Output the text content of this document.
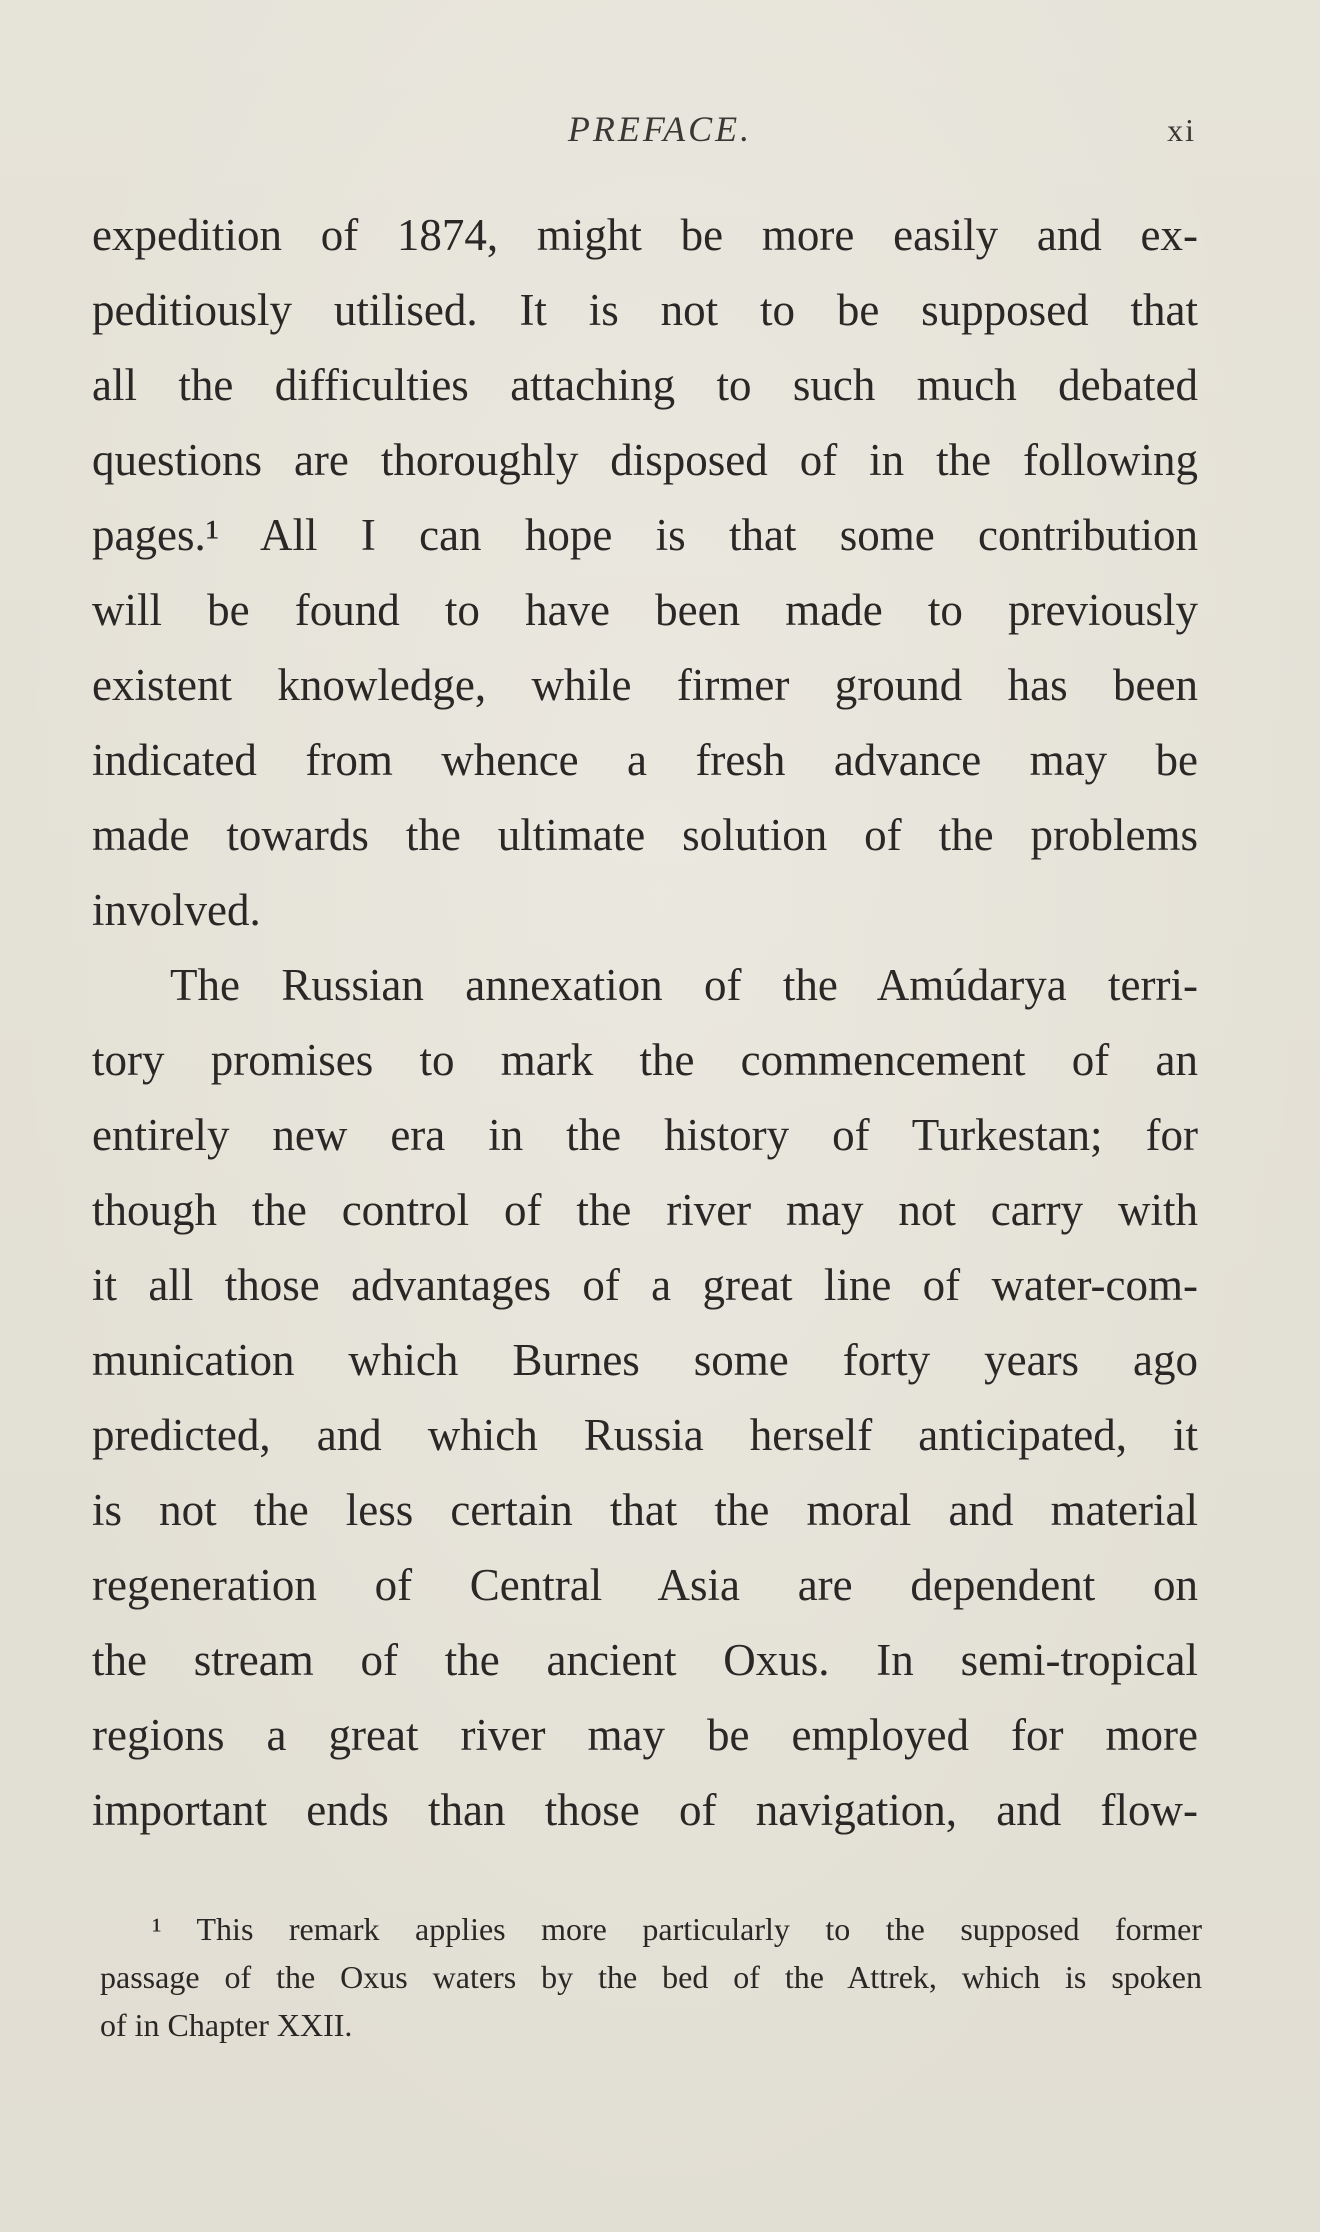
PREFACE.	xi
expedition of 1874, might be more easily and ex-
peditiously utilised. It is not to be supposed that
all the difficulties attaching to such much debated
questions are thoroughly disposed of in the following
pages.¹ All I can hope is that some contribution
will be found to have been made to previously
existent knowledge, while firmer ground has been
indicated from whence a fresh advance may be
made towards the ultimate solution of the problems
involved.
The Russian annexation of the Amúdarya terri-
tory promises to mark the commencement of an
entirely new era in the history of Turkestan; for
though the control of the river may not carry with
it all those advantages of a great line of water-com-
munication which Burnes some forty years ago
predicted, and which Russia herself anticipated, it
is not the less certain that the moral and material
regeneration of Central Asia are dependent on
the stream of the ancient Oxus. In semi-tropical
regions a great river may be employed for more
important ends than those of navigation, and flow-
¹ This remark applies more particularly to the supposed former
passage of the Oxus waters by the bed of the Attrek, which is spoken
of in Chapter XXII.
